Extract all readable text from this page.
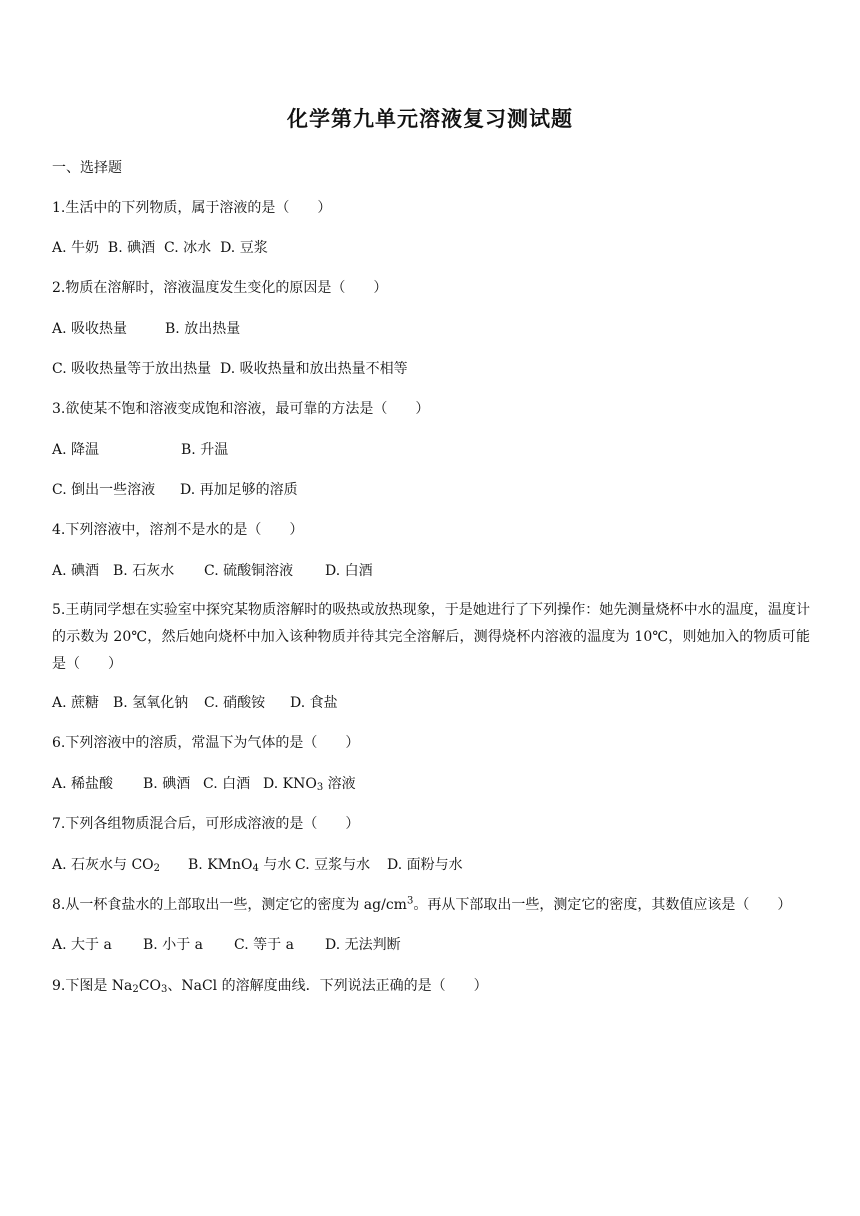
化学第九单元溶液复习测试题
一、选择题
1.生活中的下列物质，属于溶液的是（　　）
A. 牛奶 B. 碘酒 C. 冰水 D. 豆浆
2.物质在溶解时，溶液温度发生变化的原因是（　　）
A. 吸收热量	B. 放出热量
C. 吸收热量等于放出热量 D. 吸收热量和放出热量不相等
3.欲使某不饱和溶液变成饱和溶液，最可靠的方法是（　　）
A. 降温	B. 升温
C. 倒出一些溶液 D. 再加足够的溶质
4.下列溶液中，溶剂不是水的是（　　）
A. 碘酒 B. 石灰水 C. 硫酸铜溶液 D. 白酒
5.王萌同学想在实验室中探究某物质溶解时的吸热或放热现象，于是她进行了下列操作：她先测量烧杯中水的温度，温度计的示数为 20℃，然后她向烧杯中加入该种物质并待其完全溶解后，测得烧杯内溶液的温度为 10℃，则她加入的物质可能是（　　）
A. 蔗糖 B. 氢氧化钠 C. 硝酸铵 D. 食盐
6.下列溶液中的溶质，常温下为气体的是（　　）
A. 稀盐酸 B. 碘酒 C. 白酒 D. $KNO_3$ 溶液
7.下列各组物质混合后，可形成溶液的是（　　）
A. 石灰水与 $CO_2$ B. KMnO$_4$ 与水 C. 豆浆与水 D. 面粉与水
8.从一杯食盐水的上部取出一些，测定它的密度为 $ag/cm^3$。再从下部取出一些，测定它的密度，其数值应该是（　　）
A. 大于 a B. 小于 a C. 等于 a D. 无法判断
9.下图是 $Na_2CO_3$、NaCl 的溶解度曲线．下列说法正确的是（　　）
